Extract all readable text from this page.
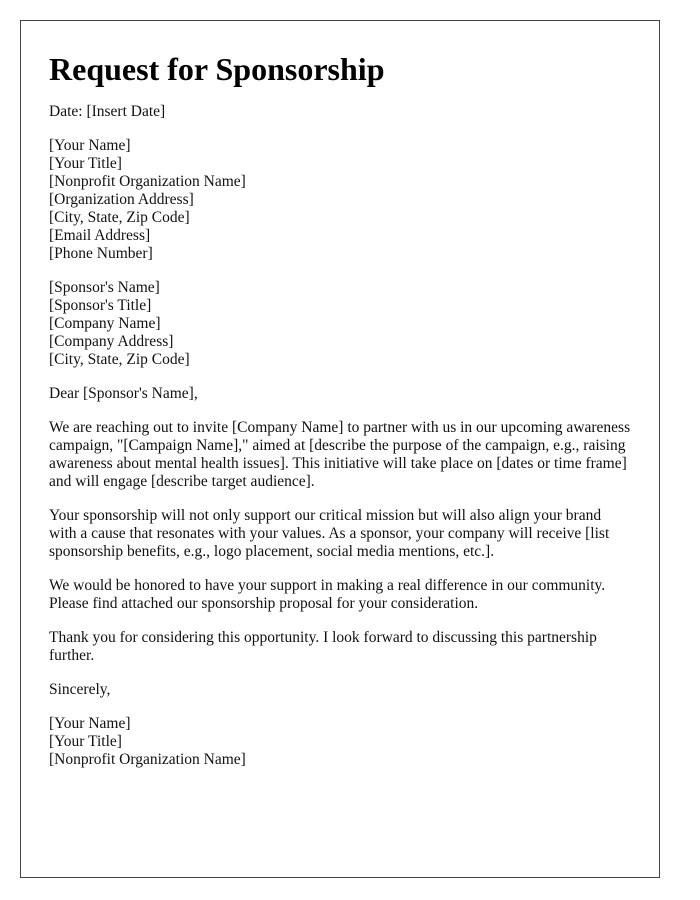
Request for Sponsorship

Date: [Insert Date]

[Your Name]
[Your Title]
[Nonprofit Organization Name]
[Organization Address]
[City, State, Zip Code]
[Email Address]
[Phone Number]
[Sponsor's Name]
[Sponsor's Title]
[Company Name]
[Company Address]
[City, State, Zip Code]

Dear [Sponsor's Name],

We are reaching out to invite [Company Name] to partner with us in our upcoming awareness campaign, "[Campaign Name]," aimed at [describe the purpose of the campaign, e.g., raising awareness about mental health issues]. This initiative will take place on [dates or time frame] and will engage [describe target audience].

Your sponsorship will not only support our critical mission but will also align your brand with a cause that resonates with your values. As a sponsor, your company will receive [list sponsorship benefits, e.g., logo placement, social media mentions, etc.].

We would be honored to have your support in making a real difference in our community. Please find attached our sponsorship proposal for your consideration.

Thank you for considering this opportunity. I look forward to discussing this partnership further.

Sincerely,

[Your Name]
[Your Title]
[Nonprofit Organization Name]
